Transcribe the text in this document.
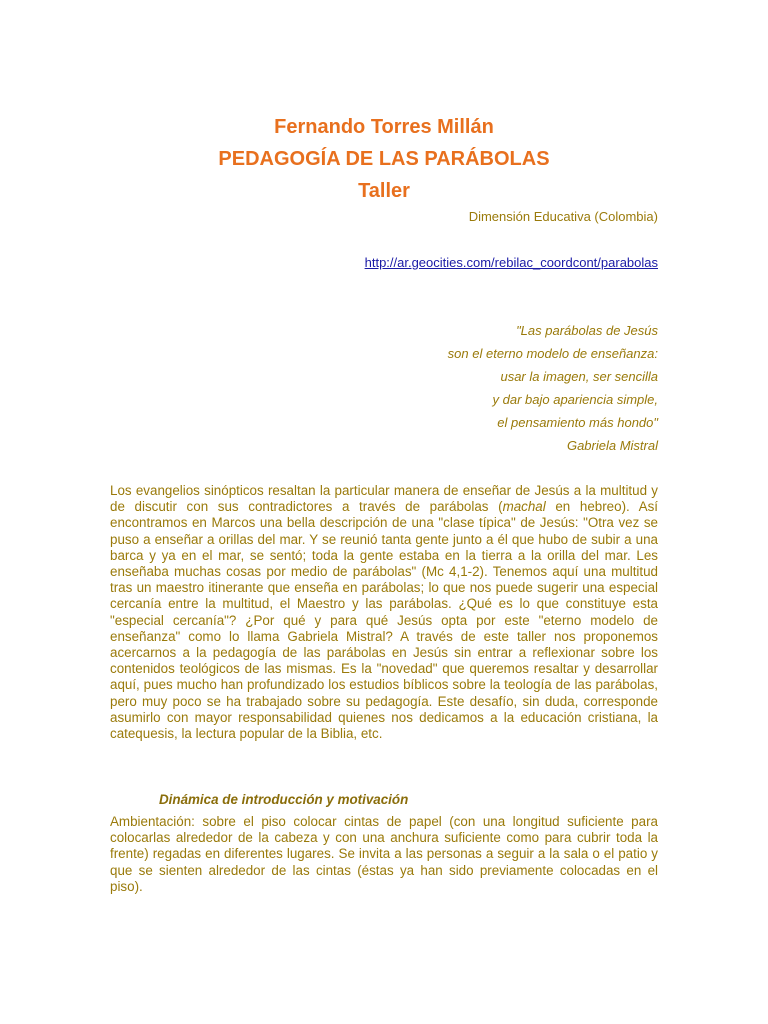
Fernando Torres Millán
PEDAGOGÍA DE LAS PARÁBOLAS
Taller
Dimensión Educativa (Colombia)
http://ar.geocities.com/rebilac_coordcont/parabolas
"Las parábolas de Jesús
son el eterno modelo de enseñanza:
usar la imagen, ser sencilla
y dar bajo apariencia simple,
el pensamiento más hondo"
Gabriela Mistral
Los evangelios sinópticos resaltan la particular manera de enseñar de Jesús a la multitud y de discutir con sus contradictores a través de parábolas (machal en hebreo). Así encontramos en Marcos una bella descripción de una "clase típica" de Jesús: "Otra vez se puso a enseñar a orillas del mar. Y se reunió tanta gente junto a él que hubo de subir a una barca y ya en el mar, se sentó; toda la gente estaba en la tierra a la orilla del mar. Les enseñaba muchas cosas por medio de parábolas" (Mc 4,1-2). Tenemos aquí una multitud tras un maestro itinerante que enseña en parábolas; lo que nos puede sugerir una especial cercanía entre la multitud, el Maestro y las parábolas. ¿Qué es lo que constituye esta "especial cercanía"? ¿Por qué y para qué Jesús opta por este "eterno modelo de enseñanza" como lo llama Gabriela Mistral? A través de este taller nos proponemos acercarnos a la pedagogía de las parábolas en Jesús sin entrar a reflexionar sobre los contenidos teológicos de las mismas. Es la "novedad" que queremos resaltar y desarrollar aquí, pues mucho han profundizado los estudios bíblicos sobre la teología de las parábolas, pero muy poco se ha trabajado sobre su pedagogía. Este desafío, sin duda, corresponde asumirlo con mayor responsabilidad quienes nos dedicamos a la educación cristiana, la catequesis, la lectura popular de la Biblia, etc.
Dinámica de introducción y motivación
Ambientación: sobre el piso colocar cintas de papel (con una longitud suficiente para colocarlas alrededor de la cabeza y con una anchura suficiente como para cubrir toda la frente) regadas en diferentes lugares. Se invita a las personas a seguir a la sala o el patio y que se sienten alrededor de las cintas (éstas ya han sido previamente colocadas en el piso).
